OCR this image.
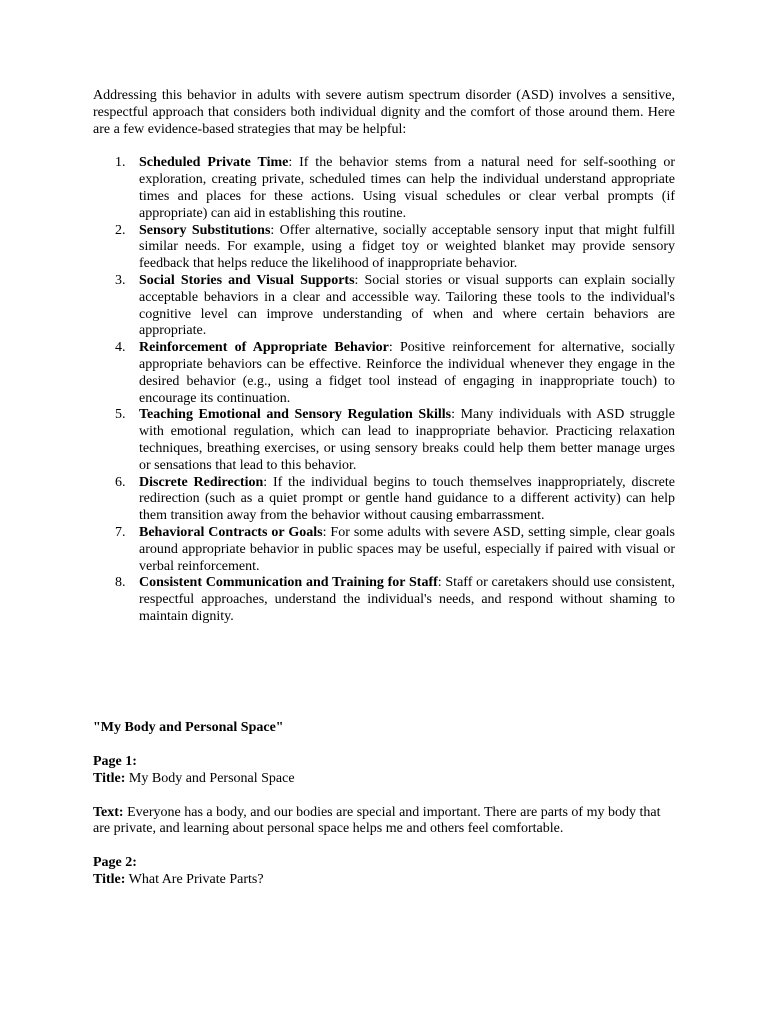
Addressing this behavior in adults with severe autism spectrum disorder (ASD) involves a sensitive, respectful approach that considers both individual dignity and the comfort of those around them. Here are a few evidence-based strategies that may be helpful:

1. Scheduled Private Time: If the behavior stems from a natural need for self-soothing or exploration, creating private, scheduled times can help the individual understand appropriate times and places for these actions. Using visual schedules or clear verbal prompts (if appropriate) can aid in establishing this routine.
2. Sensory Substitutions: Offer alternative, socially acceptable sensory input that might fulfill similar needs. For example, using a fidget toy or weighted blanket may provide sensory feedback that helps reduce the likelihood of inappropriate behavior.
3. Social Stories and Visual Supports: Social stories or visual supports can explain socially acceptable behaviors in a clear and accessible way. Tailoring these tools to the individual's cognitive level can improve understanding of when and where certain behaviors are appropriate.
4. Reinforcement of Appropriate Behavior: Positive reinforcement for alternative, socially appropriate behaviors can be effective. Reinforce the individual whenever they engage in the desired behavior (e.g., using a fidget tool instead of engaging in inappropriate touch) to encourage its continuation.
5. Teaching Emotional and Sensory Regulation Skills: Many individuals with ASD struggle with emotional regulation, which can lead to inappropriate behavior. Practicing relaxation techniques, breathing exercises, or using sensory breaks could help them better manage urges or sensations that lead to this behavior.
6. Discrete Redirection: If the individual begins to touch themselves inappropriately, discrete redirection (such as a quiet prompt or gentle hand guidance to a different activity) can help them transition away from the behavior without causing embarrassment.
7. Behavioral Contracts or Goals: For some adults with severe ASD, setting simple, clear goals around appropriate behavior in public spaces may be useful, especially if paired with visual or verbal reinforcement.
8. Consistent Communication and Training for Staff: Staff or caretakers should use consistent, respectful approaches, understand the individual's needs, and respond without shaming to maintain dignity.

"My Body and Personal Space"

Page 1:

Title: My Body and Personal Space

Text: Everyone has a body, and our bodies are special and important. There are parts of my body that are private, and learning about personal space helps me and others feel comfortable.

Page 2:

Title: What Are Private Parts?
